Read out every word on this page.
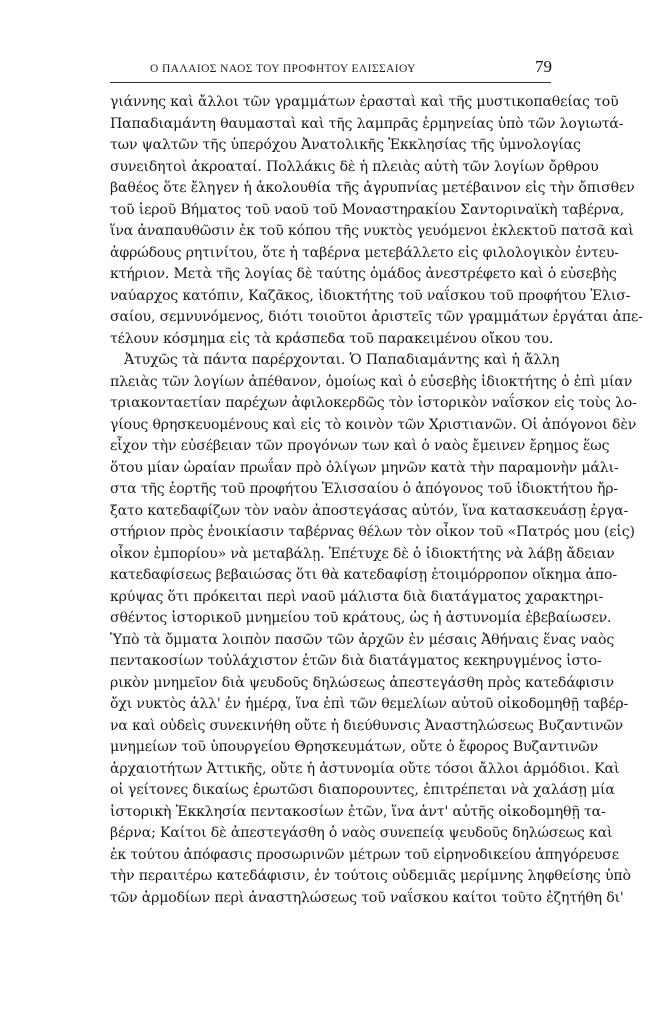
Ο ΠΑΛΑΙΟΣ ΝΑΟΣ ΤΟΥ ΠΡΟΦΗΤΟΥ ΕΛΙΣΣΑΙΟΥ	79
γιάννης καὶ ἄλλοι τῶν γραμμάτων ἐρασταὶ καὶ τῆς μυστικοπαθείας τοῦ
Παπαδιαμάντη θαυμασταὶ καὶ τῆς λαμπρᾶς ἑρμηνείας ὑπὸ τῶν λογιωτά-
των ψαλτῶν τῆς ὑπερόχου Ἀνατολικῆς Ἐκκλησίας τῆς ὑμνολογίας
συνειδητοὶ ἀκροαταί. Πολλάκις δὲ ἡ πλειὰς αὐτὴ τῶν λογίων ὄρθρου
βαθέος ὅτε ἔληγεν ἡ ἀκολουθία τῆς ἀγρυπνίας μετέβαινον εἰς τὴν ὄπισθεν
τοῦ ἱεροῦ Βήματος τοῦ ναοῦ τοῦ Μοναστηρακίου Σαντοριναϊκὴ ταβέρνα,
ἵνα ἀναπαυθῶσιν ἐκ τοῦ κόπου τῆς νυκτὸς γευόμενοι ἐκλεκτοῦ πατσᾶ καὶ
ἀφρώδους ρητινίτου, ὅτε ἡ ταβέρνα μετεβάλλετο εἰς φιλολογικὸν ἐντευ-
κτήριον. Μετὰ τῆς λογίας δὲ ταύτης ὁμάδος ἀνεστρέφετο καὶ ὁ εὐσεβὴς
ναύαρχος κατόπιν, Καζᾶκος, ἰδιοκτήτης τοῦ ναΐσκου τοῦ προφήτου Ἐλισ-
σαίου, σεμνυνόμενος, διότι τοιοῦτοι ἀριστεῖς τῶν γραμμάτων ἐργάται ἀπε-
τέλουν κόσμημα εἰς τὰ κράσπεδα τοῦ παρακειμένου οἴκου του.
Ἀτυχῶς τὰ πάντα παρέρχονται. Ὁ Παπαδιαμάντης καὶ ἡ ἄλλη
πλειὰς τῶν λογίων ἀπέθανον, ὁμοίως καὶ ὁ εὐσεβὴς ἰδιοκτήτης ὁ ἐπὶ μίαν
τριακονταετίαν παρέχων ἀφιλοκερδῶς τὸν ἱστορικὸν ναΐσκον εἰς τοὺς λο-
γίους θρησκευομένους καὶ εἰς τὸ κοινὸν τῶν Χριστιανῶν. Οἱ ἀπόγονοι δὲν
εἶχον τὴν εὐσέβειαν τῶν προγόνων των καὶ ὁ ναὸς ἔμεινεν ἔρημος ἕως
ὅτου μίαν ὡραίαν πρωΐαν πρὸ ὀλίγων μηνῶν κατὰ τὴν παραμονὴν μάλι-
στα τῆς ἑορτῆς τοῦ προφήτου Ἐλισσαίου ὁ ἀπόγονος τοῦ ἰδιοκτήτου ἤρ-
ξατο κατεδαφίζων τὸν ναὸν ἀποστεγάσας αὐτόν, ἵνα κατασκευάσῃ ἐργα-
στήριον πρὸς ἐνοικίασιν ταβέρνας θέλων τὸν οἶκον τοῦ «Πατρός μου (εἰς)
οἶκον ἐμπορίου» νὰ μεταβάλῃ. Ἐπέτυχε δὲ ὁ ἰδιοκτήτης νὰ λάβῃ ἄδειαν
κατεδαφίσεως βεβαιώσας ὅτι θὰ κατεδαφίσῃ ἑτοιμόρροπον οἴκημα ἀπο-
κρύψας ὅτι πρόκειται περὶ ναοῦ μάλιστα διὰ διατάγματος χαρακτηρι-
σθέντος ἱστορικοῦ μνημείου τοῦ κράτους, ὡς ἡ ἀστυνομία ἐβεβαίωσεν.
Ὑπὸ τὰ ὄμματα λοιπὸν πασῶν τῶν ἀρχῶν ἐν μέσαις Ἀθήναις ἕνας ναὸς
πεντακοσίων τοὐλάχιστον ἐτῶν διὰ διατάγματος κεκηρυγμένος ἱστο-
ρικὸν μνημεῖον διὰ ψευδοῦς δηλώσεως ἀπεστεγάσθη πρὸς κατεδάφισιν
ὄχι νυκτὸς ἀλλ' ἐν ἡμέρᾳ, ἵνα ἐπὶ τῶν θεμελίων αὐτοῦ οἰκοδομηθῇ ταβέρ-
να καὶ οὐδεὶς συνεκινήθη οὔτε ἡ διεύθυνσις Ἀναστηλώσεως Βυζαντινῶν
μνημείων τοῦ ὑπουργείου Θρησκευμάτων, οὔτε ὁ ἔφορος Βυζαντινῶν
ἀρχαιοτήτων Ἀττικῆς, οὔτε ἡ ἀστυνομία οὔτε τόσοι ἄλλοι ἁρμόδιοι. Καὶ
οἱ γείτονες δικαίως ἐρωτῶσι διαπορουντες, ἐπιτρέπεται νὰ χαλάσῃ μία
ἱστορικὴ Ἐκκλησία πεντακοσίων ἐτῶν, ἵνα ἀντ' αὐτῆς οἰκοδομηθῇ τα-
βέρνα; Καίτοι δὲ ἀπεστεγάσθη ὁ ναὸς συνεπείᾳ ψευδοῦς δηλώσεως καὶ
ἐκ τούτου ἀπόφασις προσωρινῶν μέτρων τοῦ εἰρηνοδικείου ἀπηγόρευσε
τὴν περαιτέρω κατεδάφισιν, ἐν τούτοις οὐδεμιᾶς μερίμνης ληφθείσης ὑπὸ
τῶν ἁρμοδίων περὶ ἀναστηλώσεως τοῦ ναΐσκου καίτοι τοῦτο ἐζητήθη δι'
